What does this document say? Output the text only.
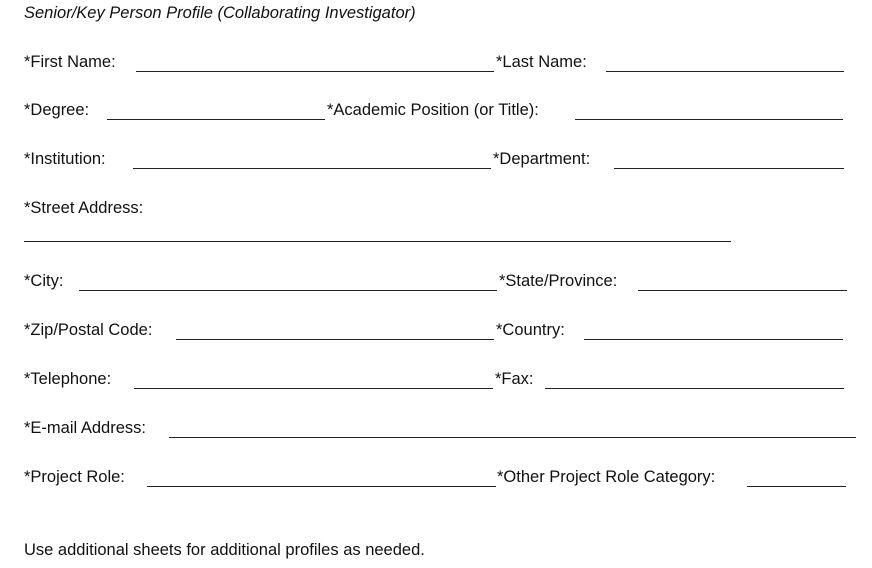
Senior/Key Person Profile (Collaborating Investigator)
*First Name:	*Last Name:
*Degree:	*Academic Position (or Title):
*Institution:	*Department:
*Street Address:
*City:	*State/Province:
*Zip/Postal Code:	*Country:
*Telephone:	*Fax:
*E-mail Address:
*Project Role:	*Other Project Role Category:
Use additional sheets for additional profiles as needed.
